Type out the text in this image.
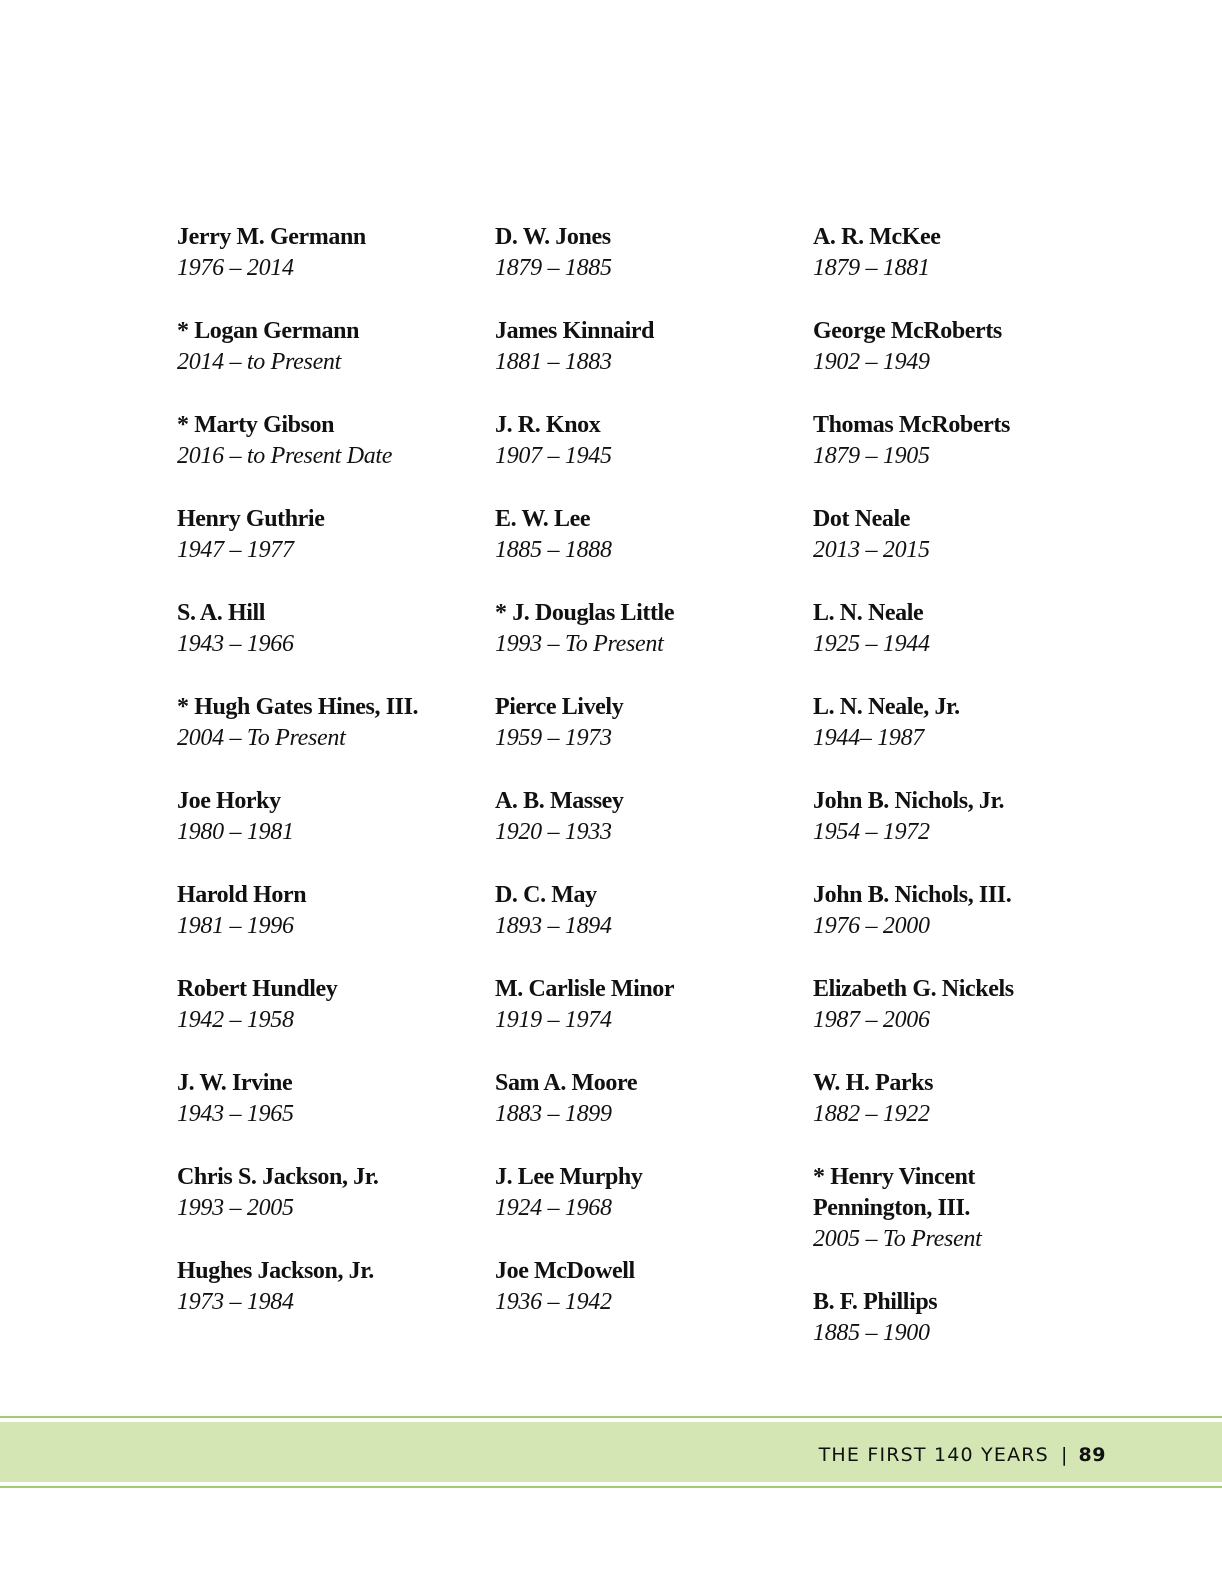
Jerry M. Germann
1976 – 2014
* Logan Germann
2014 – to Present
* Marty Gibson
2016 – to Present Date
Henry Guthrie
1947 – 1977
S. A. Hill
1943 – 1966
* Hugh Gates Hines, III.
2004 – To Present
Joe Horky
1980 – 1981
Harold Horn
1981 – 1996
Robert Hundley
1942 – 1958
J. W. Irvine
1943 – 1965
Chris S. Jackson, Jr.
1993 – 2005
Hughes Jackson, Jr.
1973 – 1984
D. W. Jones
1879 – 1885
James Kinnaird
1881 – 1883
J. R. Knox
1907 – 1945
E. W. Lee
1885 – 1888
* J. Douglas Little
1993 – To Present
Pierce Lively
1959 – 1973
A. B. Massey
1920 – 1933
D. C. May
1893 – 1894
M. Carlisle Minor
1919 – 1974
Sam A. Moore
1883 – 1899
J. Lee Murphy
1924 – 1968
Joe McDowell
1936 – 1942
A. R. McKee
1879 – 1881
George McRoberts
1902 – 1949
Thomas McRoberts
1879 – 1905
Dot Neale
2013 – 2015
L. N. Neale
1925 – 1944
L. N. Neale, Jr.
1944– 1987
John B. Nichols, Jr.
1954 – 1972
John B. Nichols, III.
1976 – 2000
Elizabeth G. Nickels
1987 – 2006
W. H. Parks
1882 – 1922
* Henry Vincent
Pennington, III.
2005 – To Present
B. F. Phillips
1885 – 1900
THE FIRST 140 YEARS | 89
